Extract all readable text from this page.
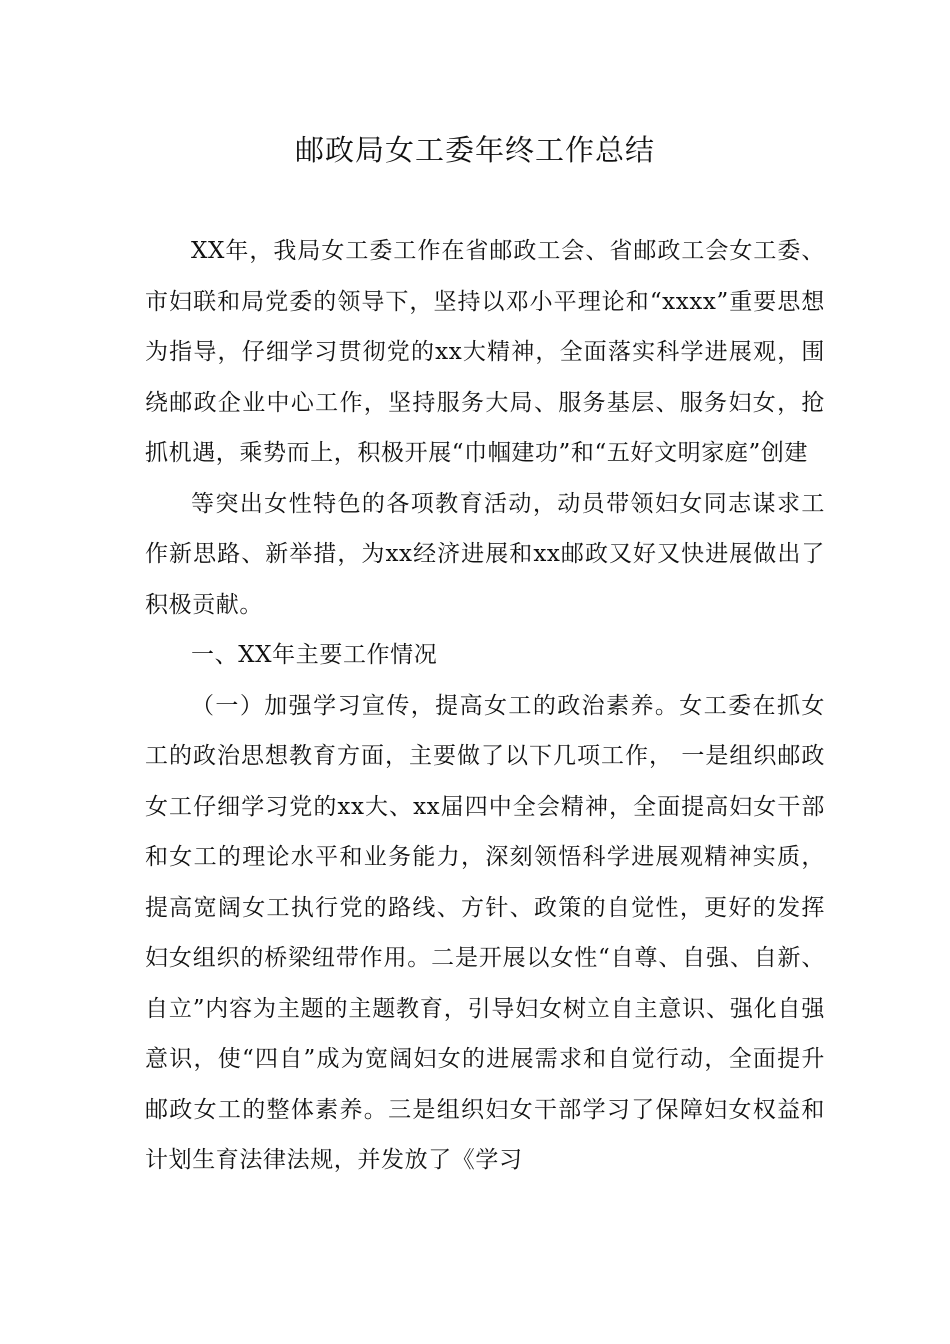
邮政局女工委年终工作总结

XX年，我局女工委工作在省邮政工会、省邮政工会女工委、市妇联和局党委的领导下，坚持以邓小平理论和“xxxx”重要思想为指导，仔细学习贯彻党的xx大精神，全面落实科学进展观，围绕邮政企业中心工作，坚持服务大局、服务基层、服务妇女，抢抓机遇，乘势而上，积极开展“巾帼建功”和“五好文明家庭”创建

等突出女性特色的各项教育活动，动员带领妇女同志谋求工作新思路、新举措，为xx经济进展和xx邮政又好又快进展做出了积极贡献。

一、XX年主要工作情况

（一）加强学习宣传，提高女工的政治素养。女工委在抓女工的政治思想教育方面，主要做了以下几项工作， 一是组织邮政女工仔细学习党的xx大、xx届四中全会精神，全面提高妇女干部和女工的理论水平和业务能力，深刻领悟科学进展观精神实质，提高宽阔女工执行党的路线、方针、政策的自觉性，更好的发挥妇女组织的桥梁纽带作用。二是开展以女性“自尊、自强、自新、自立”内容为主题的主题教育，引导妇女树立自主意识、强化自强意识，使“四自”成为宽阔妇女的进展需求和自觉行动，全面提升邮政女工的整体素养。三是组织妇女干部学习了保障妇女权益和计划生育法律法规，并发放了《学习
